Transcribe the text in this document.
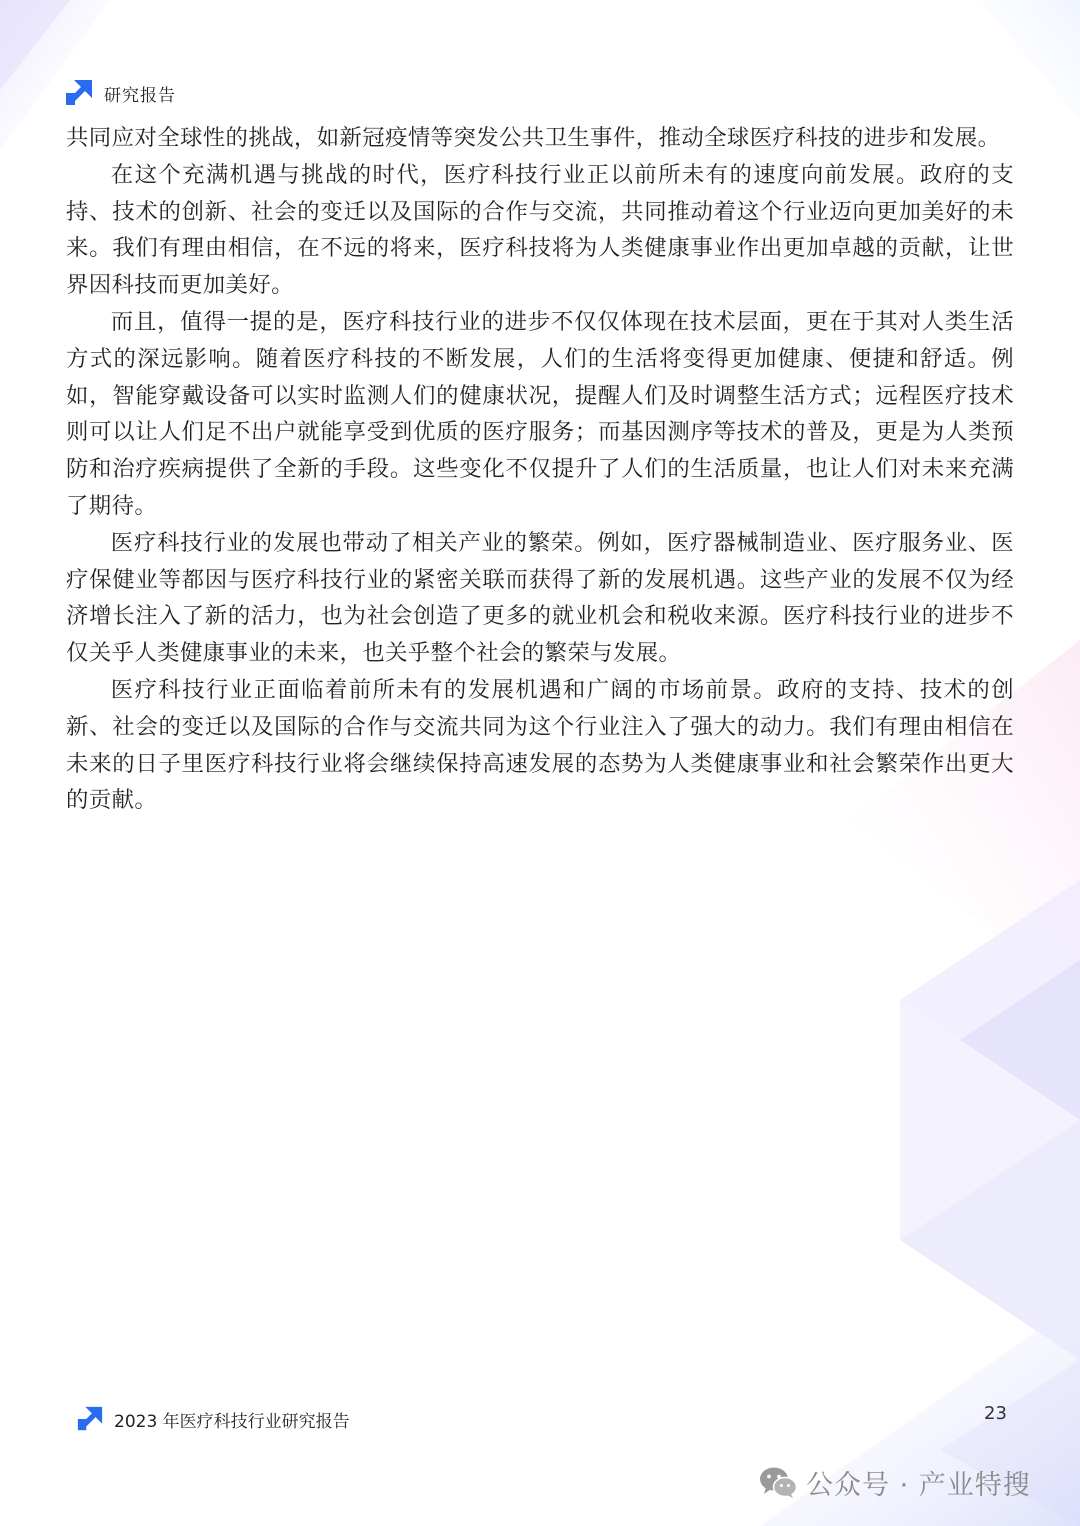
研究报告

共同应对全球性的挑战，如新冠疫情等突发公共卫生事件，推动全球医疗科技的进步和发展。

在这个充满机遇与挑战的时代，医疗科技行业正以前所未有的速度向前发展。政府的支持、技术的创新、社会的变迁以及国际的合作与交流，共同推动着这个行业迈向更加美好的未来。我们有理由相信，在不远的将来，医疗科技将为人类健康事业作出更加卓越的贡献，让世界因科技而更加美好。

而且，值得一提的是，医疗科技行业的进步不仅仅体现在技术层面，更在于其对人类生活方式的深远影响。随着医疗科技的不断发展，人们的生活将变得更加健康、便捷和舒适。例如，智能穿戴设备可以实时监测人们的健康状况，提醒人们及时调整生活方式；远程医疗技术则可以让人们足不出户就能享受到优质的医疗服务；而基因测序等技术的普及，更是为人类预防和治疗疾病提供了全新的手段。这些变化不仅提升了人们的生活质量，也让人们对未来充满了期待。

医疗科技行业的发展也带动了相关产业的繁荣。例如，医疗器械制造业、医疗服务业、医疗保健业等都因与医疗科技行业的紧密关联而获得了新的发展机遇。这些产业的发展不仅为经济增长注入了新的活力，也为社会创造了更多的就业机会和税收来源。医疗科技行业的进步不仅关乎人类健康事业的未来，也关乎整个社会的繁荣与发展。

医疗科技行业正面临着前所未有的发展机遇和广阔的市场前景。政府的支持、技术的创新、社会的变迁以及国际的合作与交流共同为这个行业注入了强大的动力。我们有理由相信在未来的日子里医疗科技行业将会继续保持高速发展的态势为人类健康事业和社会繁荣作出更大的贡献。

2023 年医疗科技行业研究报告	23
公众号 · 产业特搜
